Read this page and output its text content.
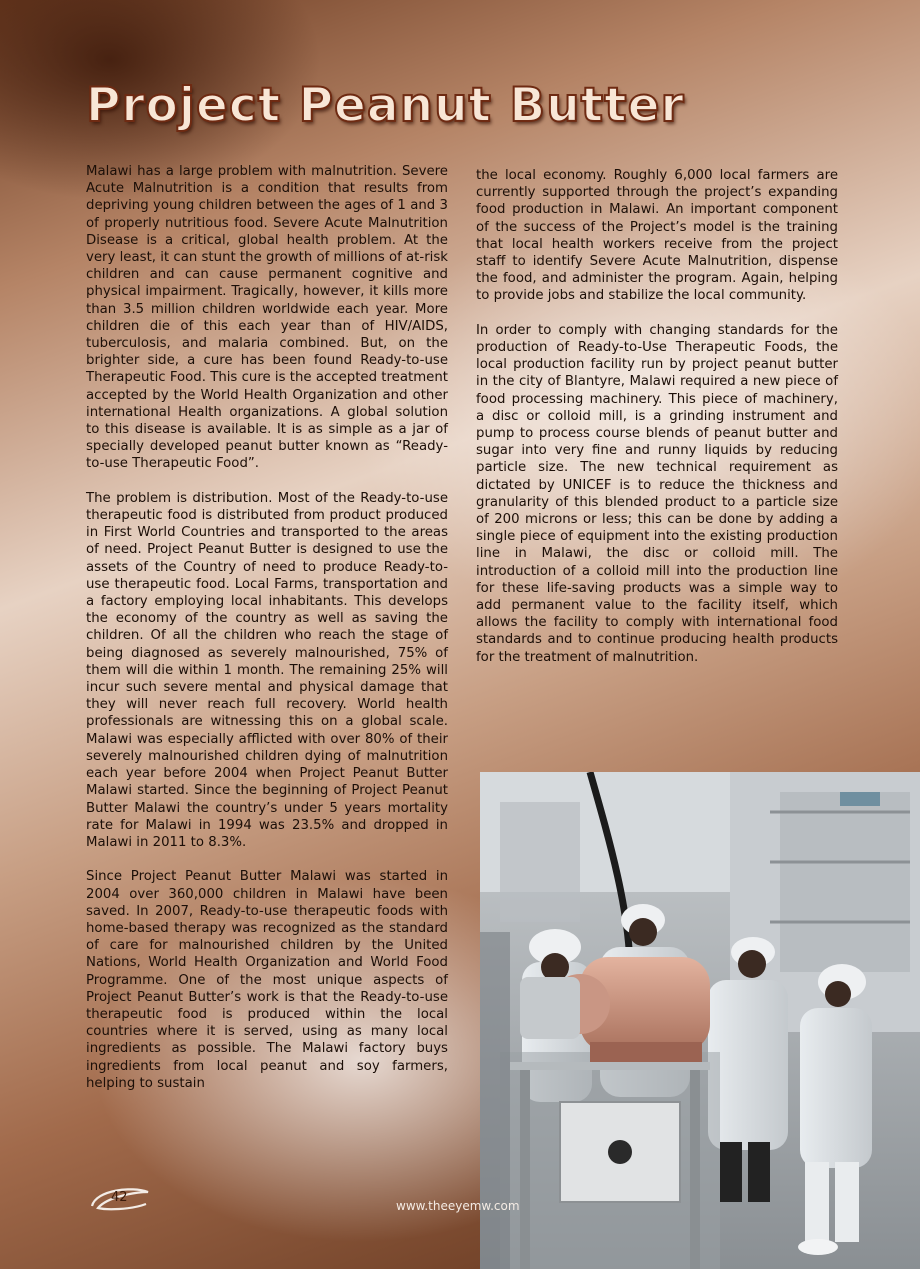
Project Peanut Butter

Malawi has a large problem with malnutrition. Severe Acute Malnutrition is a condition that results from depriving young children between the ages of 1 and 3 of properly nutritious food. Severe Acute Malnutrition Disease is a critical, global health problem. At the very least, it can stunt the growth of millions of at-risk children and can cause permanent cognitive and physical impairment. Tragically, however, it kills more than 3.5 million children worldwide each year. More children die of this each year than of HIV/AIDS, tuberculosis, and malaria combined. But, on the brighter side, a cure has been found Ready-to-use Therapeutic Food. This cure is the accepted treatment accepted by the World Health Organization and other international Health organizations. A global solution to this disease is available. It is as simple as a jar of specially developed peanut butter known as “Ready-to-use Therapeutic Food”.

The problem is distribution. Most of the Ready-to-use therapeutic food is distributed from product produced in First World Countries and transported to the areas of need. Project Peanut Butter is designed to use the assets of the Country of need to produce Ready-to-use therapeutic food. Local Farms, transportation and a factory employing local inhabitants. This develops the economy of the country as well as saving the children. Of all the children who reach the stage of being diagnosed as severely malnourished, 75% of them will die within 1 month. The remaining 25% will incur such severe mental and physical damage that they will never reach full recovery. World health professionals are witnessing this on a global scale. Malawi was especially afflicted with over 80% of their severely malnourished children dying of malnutrition each year before 2004 when Project Peanut Butter Malawi started. Since the beginning of Project Peanut Butter Malawi the country’s under 5 years mortality rate for Malawi in 1994 was 23.5% and dropped in Malawi in 2011 to 8.3%.

Since Project Peanut Butter Malawi was started in 2004 over 360,000 children in Malawi have been saved. In 2007, Ready-to-use therapeutic foods with home-based therapy was recognized as the standard of care for malnourished children by the United Nations, World Health Organization and World Food Programme. One of the most unique aspects of Project Peanut Butter’s work is that the Ready-to-use therapeutic food is produced within the local countries where it is served, using as many local ingredients as possible. The Malawi factory buys ingredients from local peanut and soy farmers, helping to sustain

the local economy. Roughly 6,000 local farmers are currently supported through the project’s expanding food production in Malawi. An important component of the success of the Project’s model is the training that local health workers receive from the project staff to identify Severe Acute Malnutrition, dispense the food, and administer the program. Again, helping to provide jobs and stabilize the local community.

In order to comply with changing standards for the production of Ready-to-Use Therapeutic Foods, the local production facility run by project peanut butter in the city of Blantyre, Malawi required a new piece of food processing machinery. This piece of machinery, a disc or colloid mill, is a grinding instrument and pump to process course blends of peanut butter and sugar into very fine and runny liquids by reducing particle size. The new technical requirement as dictated by UNICEF is to reduce the thickness and granularity of this blended product to a particle size of 200 microns or less; this can be done by adding a single piece of equipment into the existing production line in Malawi, the disc or colloid mill. The introduction of a colloid mill into the production line for these life-saving products was a simple way to add permanent value to the facility itself, which allows the facility to comply with international food standards and to continue producing health products for the treatment of malnutrition.

42
www.theeyemw.com
